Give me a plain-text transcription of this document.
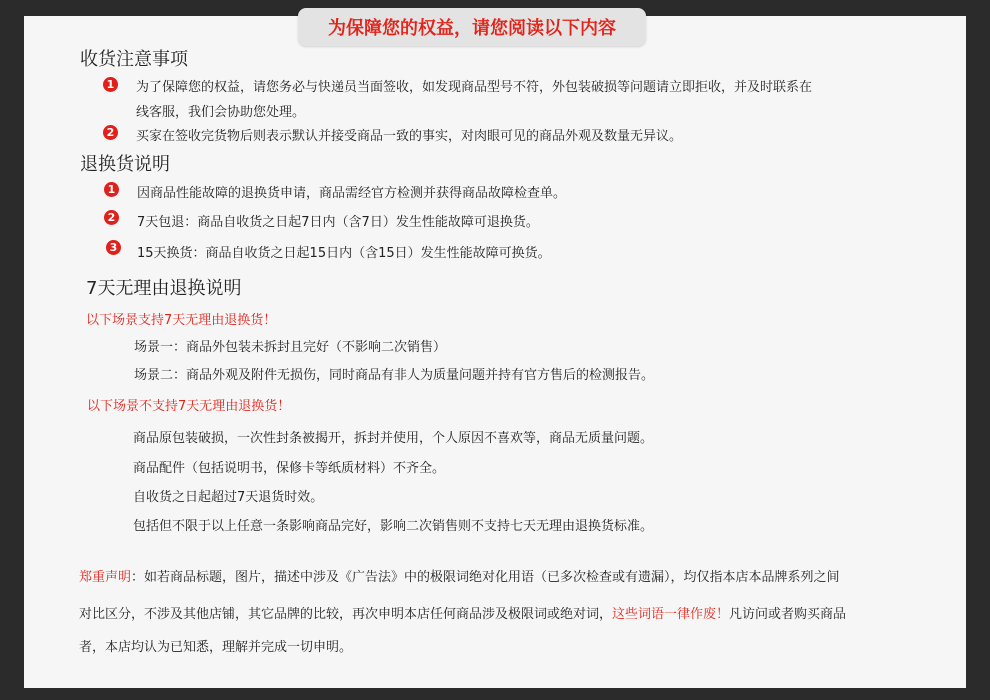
为保障您的权益，请您阅读以下内容
收货注意事项
1 为了保障您的权益，请您务必与快递员当面签收，如发现商品型号不符，外包装破损等问题请立即拒收，并及时联系在
线客服，我们会协助您处理。
2 买家在签收完货物后则表示默认并接受商品一致的事实，对肉眼可见的商品外观及数量无异议。
退换货说明
1 因商品性能故障的退换货申请，商品需经官方检测并获得商品故障检查单。
2 7天包退：商品自收货之日起7日内（含7日）发生性能故障可退换货。
3 15天换货：商品自收货之日起15日内（含15日）发生性能故障可换货。
7天无理由退换说明
以下场景支持7天无理由退换货！
场景一：商品外包装未拆封且完好（不影响二次销售）
场景二：商品外观及附件无损伤，同时商品有非人为质量问题并持有官方售后的检测报告。
以下场景不支持7天无理由退换货！
商品原包装破损，一次性封条被揭开，拆封并使用，个人原因不喜欢等，商品无质量问题。
商品配件（包括说明书，保修卡等纸质材料）不齐全。
自收货之日起超过7天退货时效。
包括但不限于以上任意一条影响商品完好，影响二次销售则不支持七天无理由退换货标准。
郑重声明：如若商品标题，图片，描述中涉及《广告法》中的极限词绝对化用语（已多次检查或有遗漏），均仅指本店本品牌系列之间
对比区分，不涉及其他店铺，其它品牌的比较，再次申明本店任何商品涉及极限词或绝对词，这些词语一律作废！凡访问或者购买商品
者，本店均认为已知悉，理解并完成一切申明。
